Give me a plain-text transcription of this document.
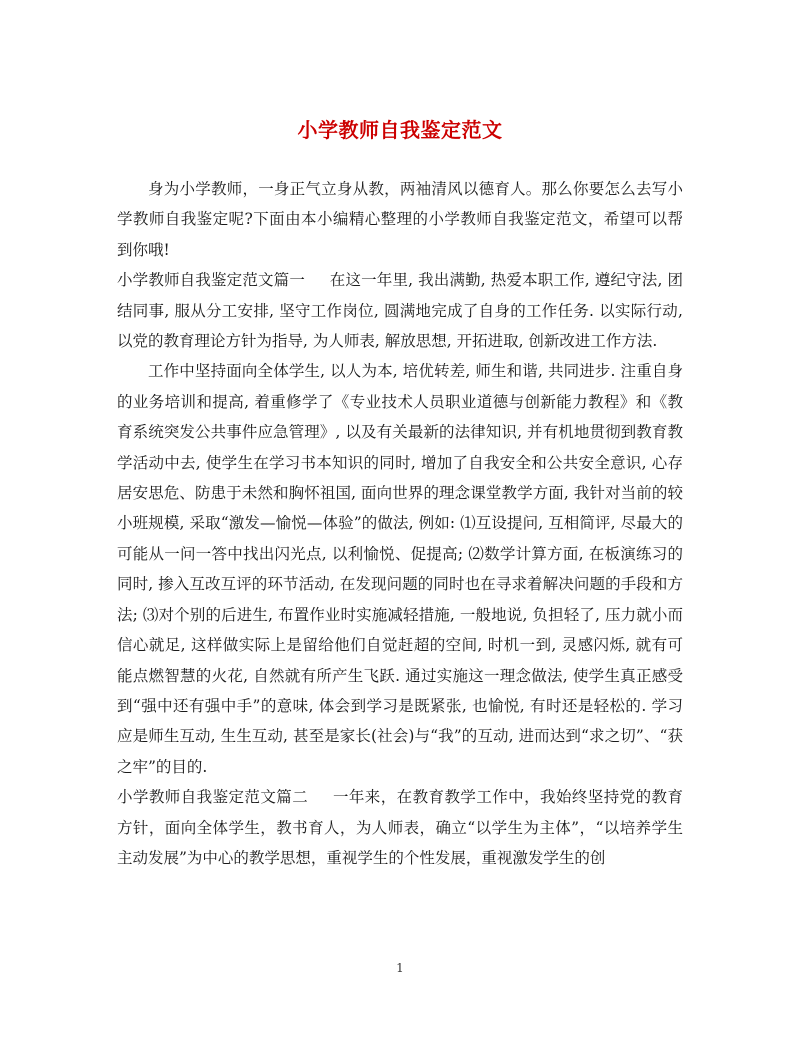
小学教师自我鉴定范文

身为小学教师，一身正气立身从教，两袖清风以德育人。那么你要怎么去写小学教师自我鉴定呢?下面由本小编精心整理的小学教师自我鉴定范文，希望可以帮到你哦!

小学教师自我鉴定范文篇一 在这一年里, 我出满勤, 热爱本职工作, 遵纪守法, 团结同事, 服从分工安排, 坚守工作岗位, 圆满地完成了自身的工作任务. 以实际行动, 以党的教育理论方针为指导, 为人师表, 解放思想, 开拓进取, 创新改进工作方法.

工作中坚持面向全体学生, 以人为本, 培优转差, 师生和谐, 共同进步. 注重自身的业务培训和提高, 着重修学了《专业技术人员职业道德与创新能力教程》和《教育系统突发公共事件应急管理》, 以及有关最新的法律知识, 并有机地贯彻到教育教学活动中去, 使学生在学习书本知识的同时, 增加了自我安全和公共安全意识, 心存居安思危、防患于未然和胸怀祖国, 面向世界的理念课堂教学方面, 我针对当前的较小班规模, 采取“激发—愉悦—体验”的做法, 例如: ⑴互设提问, 互相简评, 尽最大的可能从一问一答中找出闪光点, 以利愉悦、促提高; ⑵数学计算方面, 在板演练习的同时, 掺入互改互评的环节活动, 在发现问题的同时也在寻求着解决问题的手段和方法; ⑶对个别的后进生, 布置作业时实施减轻措施, 一般地说, 负担轻了, 压力就小而信心就足, 这样做实际上是留给他们自觉赶超的空间, 时机一到, 灵感闪烁, 就有可能点燃智慧的火花, 自然就有所产生飞跃. 通过实施这一理念做法, 使学生真正感受到“强中还有强中手”的意味, 体会到学习是既紧张, 也愉悦, 有时还是轻松的. 学习应是师生互动, 生生互动, 甚至是家长(社会)与“我”的互动, 进而达到“求之切”、“获之牢”的目的.

小学教师自我鉴定范文篇二 一年来，在教育教学工作中，我始终坚持党的教育方针，面向全体学生，教书育人，为人师表，确立“以学生为主体”，“以培养学生主动发展”为中心的教学思想，重视学生的个性发展，重视激发学生的创

1
